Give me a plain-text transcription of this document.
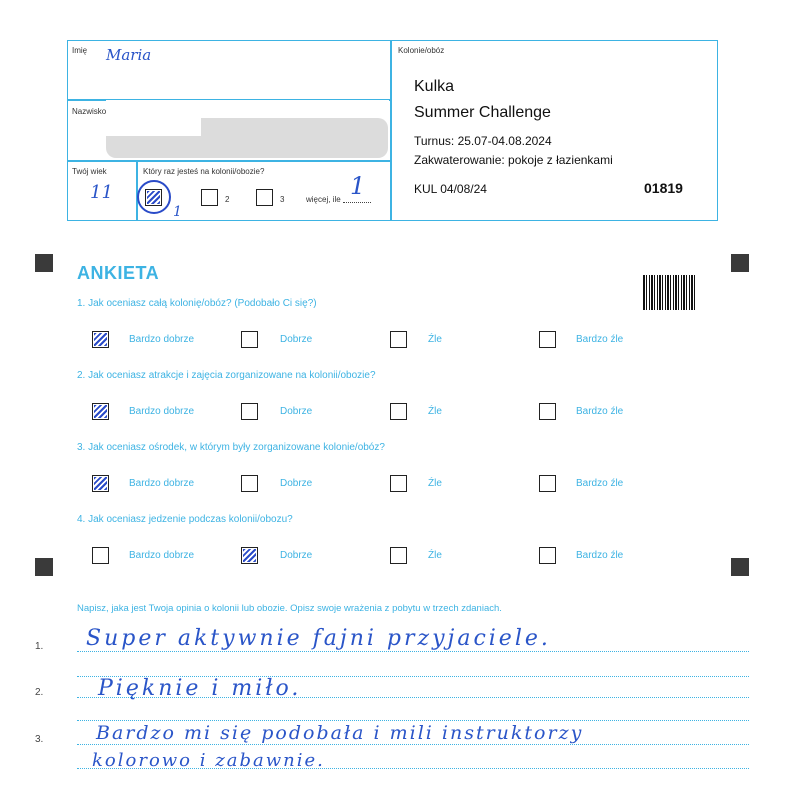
Imię Maria
Nazwisko
Kolonie/obóz
Kulka
Summer Challenge
Turnus: 25.07-04.08.2024
Zakwaterowanie: pokoje z łazienkami
KUL 04/08/24	01819
Twój wiek
11
Który raz jesteś na kolonii/obozie?
1
2	3	więcej, ile 1
ANKIETA
1. Jak oceniasz całą kolonię/obóz? (Podobało Ci się?)
Bardzo dobrze	Dobrze	Źle	Bardzo źle
2. Jak oceniasz atrakcje i zajęcia zorganizowane na kolonii/obozie?
Bardzo dobrze	Dobrze	Źle	Bardzo źle
3. Jak oceniasz ośrodek, w którym były zorganizowane kolonie/obóz?
Bardzo dobrze	Dobrze	Źle	Bardzo źle
4. Jak oceniasz jedzenie podczas kolonii/obozu?
Bardzo dobrze	Dobrze	Źle	Bardzo źle
Napisz, jaka jest Twoja opinia o kolonii lub obozie. Opisz swoje wrażenia z pobytu w trzech zdaniach.
1. Super aktywnie fajni przyjaciele.
2. Pięknie i miło.
3.	Bardzo mi się podobała i mili instruktorzy
kolorowo i zabawnie.
